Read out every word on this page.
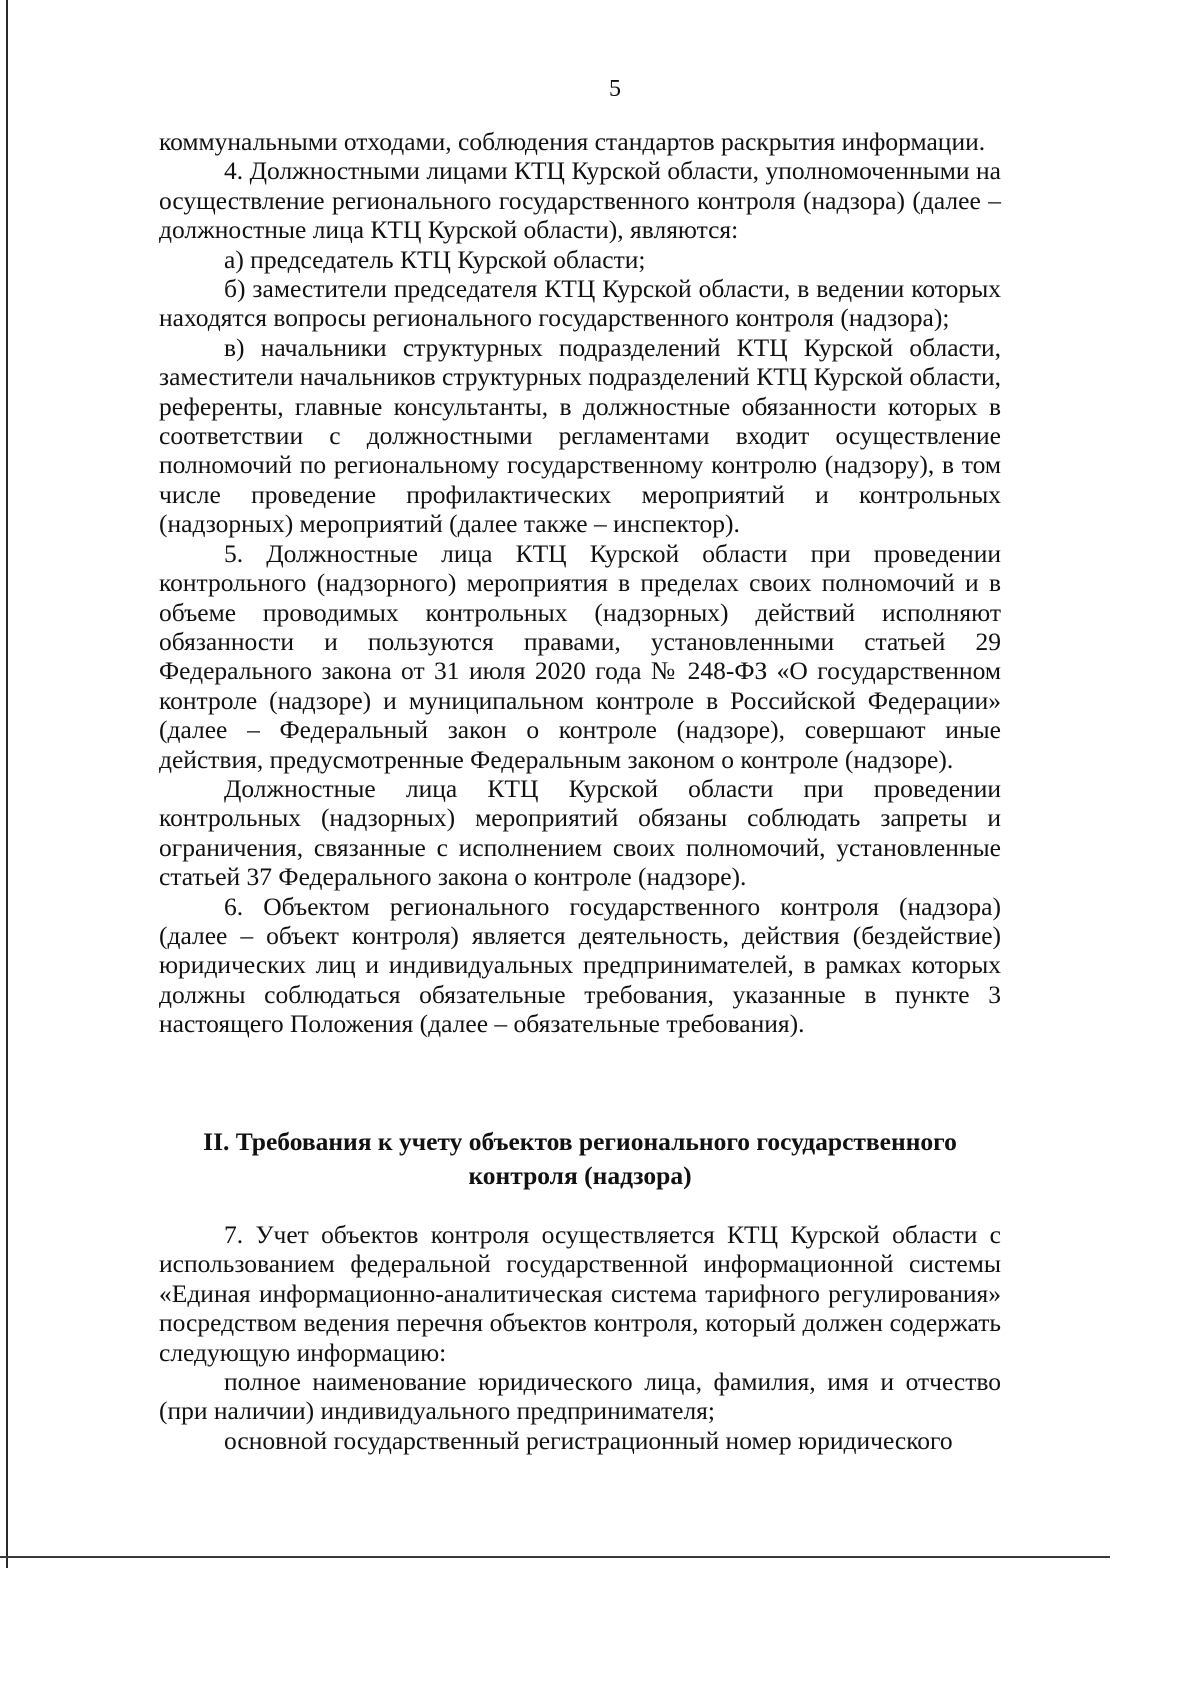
5

коммунальными отходами, соблюдения стандартов раскрытия информации.

4. Должностными лицами КТЦ Курской области, уполномоченными на осуществление регионального государственного контроля (надзора) (далее – должностные лица КТЦ Курской области), являются:

а) председатель КТЦ Курской области;

б) заместители председателя КТЦ Курской области, в ведении которых находятся вопросы регионального государственного контроля (надзора);

в) начальники структурных подразделений КТЦ Курской области, заместители начальников структурных подразделений КТЦ Курской области, референты, главные консультанты, в должностные обязанности которых в соответствии с должностными регламентами входит осуществление полномочий по региональному государственному контролю (надзору), в том числе проведение профилактических мероприятий и контрольных (надзорных) мероприятий (далее также – инспектор).

5. Должностные лица КТЦ Курской области при проведении контрольного (надзорного) мероприятия в пределах своих полномочий и в объеме проводимых контрольных (надзорных) действий исполняют обязанности и пользуются правами, установленными статьей 29 Федерального закона от 31 июля 2020 года № 248-ФЗ «О государственном контроле (надзоре) и муниципальном контроле в Российской Федерации» (далее – Федеральный закон о контроле (надзоре), совершают иные действия, предусмотренные Федеральным законом о контроле (надзоре).

Должностные лица КТЦ Курской области при проведении контрольных (надзорных) мероприятий обязаны соблюдать запреты и ограничения, связанные с исполнением своих полномочий, установленные статьей 37 Федерального закона о контроле (надзоре).

6. Объектом регионального государственного контроля (надзора) (далее – объект контроля) является деятельность, действия (бездействие) юридических лиц и индивидуальных предпринимателей, в рамках которых должны соблюдаться обязательные требования, указанные в пункте 3 настоящего Положения (далее – обязательные требования).

II. Требования к учету объектов регионального государственного
контроля (надзора)

7. Учет объектов контроля осуществляется КТЦ Курской области с использованием федеральной государственной информационной системы «Единая информационно-аналитическая система тарифного регулирования» посредством ведения перечня объектов контроля, который должен содержать следующую информацию:

полное наименование юридического лица, фамилия, имя и отчество (при наличии) индивидуального предпринимателя;

основной государственный регистрационный номер юридического
